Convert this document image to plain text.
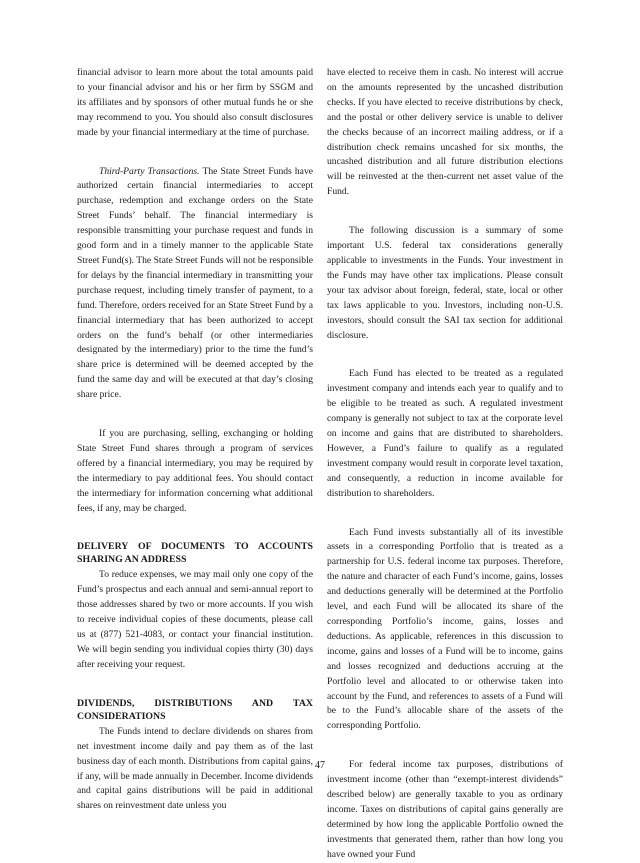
financial advisor to learn more about the total amounts paid to your financial advisor and his or her firm by SSGM and its affiliates and by sponsors of other mutual funds he or she may recommend to you. You should also consult disclosures made by your financial intermediary at the time of purchase.

Third-Party Transactions. The State Street Funds have authorized certain financial intermediaries to accept purchase, redemption and exchange orders on the State Street Funds’ behalf. The financial intermediary is responsible transmitting your purchase request and funds in good form and in a timely manner to the applicable State Street Fund(s). The State Street Funds will not be responsible for delays by the financial intermediary in transmitting your purchase request, including timely transfer of payment, to a fund. Therefore, orders received for an State Street Fund by a financial intermediary that has been authorized to accept orders on the fund’s behalf (or other intermediaries designated by the intermediary) prior to the time the fund’s share price is determined will be deemed accepted by the fund the same day and will be executed at that day’s closing share price.

If you are purchasing, selling, exchanging or holding State Street Fund shares through a program of services offered by a financial intermediary, you may be required by the intermediary to pay additional fees. You should contact the intermediary for information concerning what additional fees, if any, may be charged.

DELIVERY OF DOCUMENTS TO ACCOUNTS SHARING AN ADDRESS

To reduce expenses, we may mail only one copy of the Fund’s prospectus and each annual and semi-annual report to those addresses shared by two or more accounts. If you wish to receive individual copies of these documents, please call us at (877) 521-4083, or contact your financial institution. We will begin sending you individual copies thirty (30) days after receiving your request.

DIVIDENDS, DISTRIBUTIONS AND TAX CONSIDERATIONS

The Funds intend to declare dividends on shares from net investment income daily and pay them as of the last business day of each month. Distributions from capital gains, if any, will be made annually in December. Income dividends and capital gains distributions will be paid in additional shares on reinvestment date unless you

have elected to receive them in cash. No interest will accrue on the amounts represented by the uncashed distribution checks. If you have elected to receive distributions by check, and the postal or other delivery service is unable to deliver the checks because of an incorrect mailing address, or if a distribution check remains uncashed for six months, the uncashed distribution and all future distribution elections will be reinvested at the then-current net asset value of the Fund.

The following discussion is a summary of some important U.S. federal tax considerations generally applicable to investments in the Funds. Your investment in the Funds may have other tax implications. Please consult your tax advisor about foreign, federal, state, local or other tax laws applicable to you. Investors, including non-U.S. investors, should consult the SAI tax section for additional disclosure.

Each Fund has elected to be treated as a regulated investment company and intends each year to qualify and to be eligible to be treated as such. A regulated investment company is generally not subject to tax at the corporate level on income and gains that are distributed to shareholders. However, a Fund’s failure to qualify as a regulated investment company would result in corporate level taxation, and consequently, a reduction in income available for distribution to shareholders.

Each Fund invests substantially all of its investible assets in a corresponding Portfolio that is treated as a partnership for U.S. federal income tax purposes. Therefore, the nature and character of each Fund’s income, gains, losses and deductions generally will be determined at the Portfolio level, and each Fund will be allocated its share of the corresponding Portfolio’s income, gains, losses and deductions. As applicable, references in this discussion to income, gains and losses of a Fund will be to income, gains and losses recognized and deductions accruing at the Portfolio level and allocated to or otherwise taken into account by the Fund, and references to assets of a Fund will be to the Fund’s allocable share of the assets of the corresponding Portfolio.

For federal income tax purposes, distributions of investment income (other than “exempt-interest dividends” described below) are generally taxable to you as ordinary income. Taxes on distributions of capital gains generally are determined by how long the applicable Portfolio owned the investments that generated them, rather than how long you have owned your Fund

47
